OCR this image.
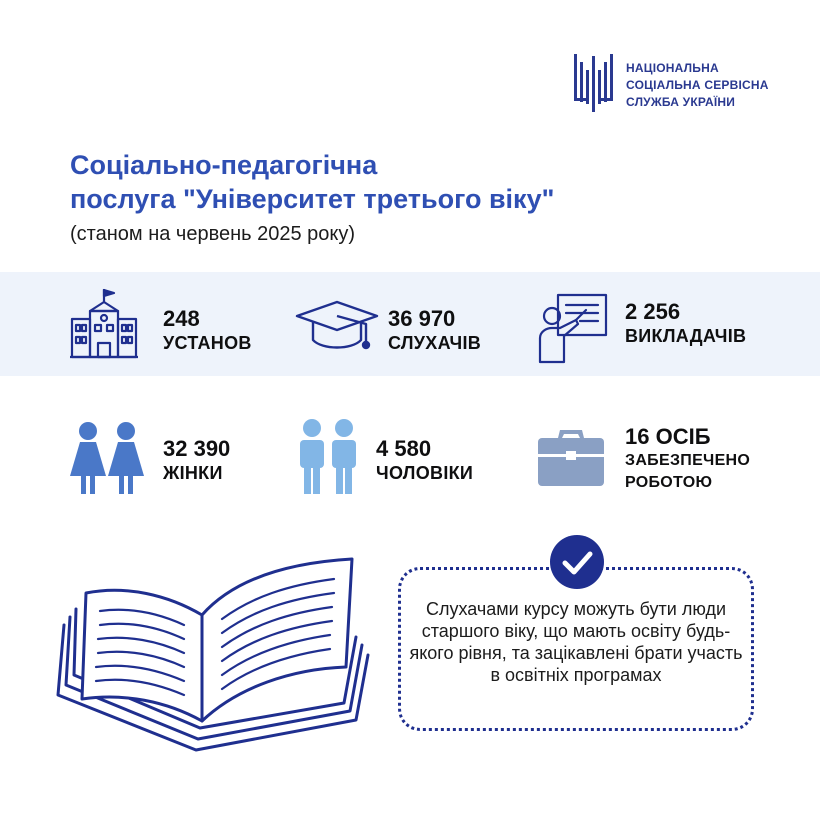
НАЦІОНАЛЬНА
СОЦІАЛЬНА СЕРВІСНА
СЛУЖБА УКРАЇНИ
Соціально-педагогічна
послуга "Університет третього віку"
(станом на червень 2025 року)
248
УСТАНОВ
36 970
СЛУХАЧІВ
2 256
ВИКЛАДАЧІВ
32 390
ЖІНКИ
4 580
ЧОЛОВІКИ
16 ОСІБ
ЗАБЕЗПЕЧЕНО
РОБОТОЮ
Слухачами курсу можуть бути люди старшого віку, що мають освіту будь-якого рівня, та зацікавлені брати участь в освітніх програмах
